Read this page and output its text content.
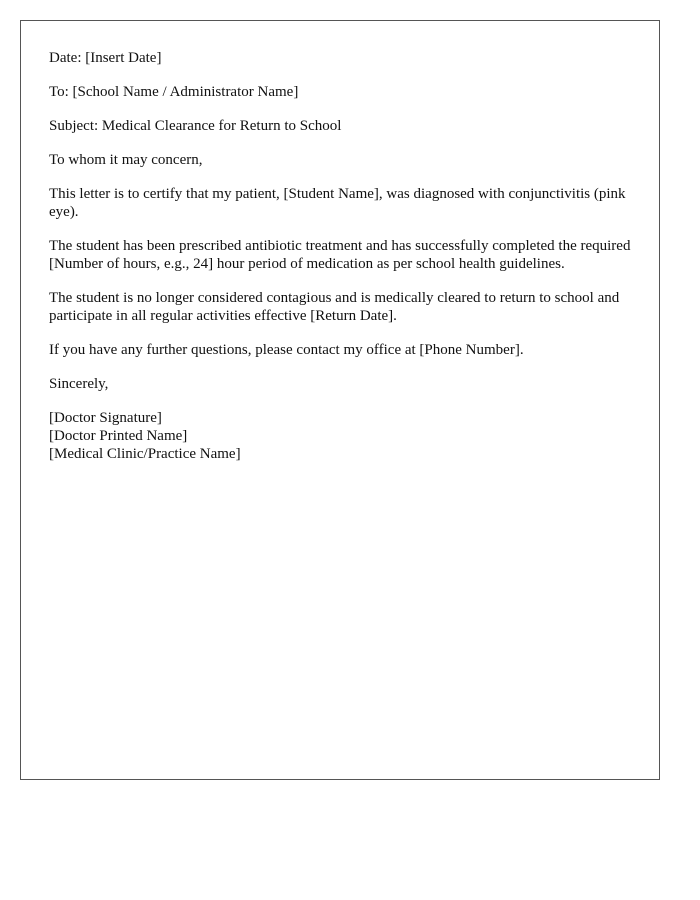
Date: [Insert Date]

To: [School Name / Administrator Name]

Subject: Medical Clearance for Return to School

To whom it may concern,

This letter is to certify that my patient, [Student Name], was diagnosed with conjunctivitis (pink eye).

The student has been prescribed antibiotic treatment and has successfully completed the required [Number of hours, e.g., 24] hour period of medication as per school health guidelines.

The student is no longer considered contagious and is medically cleared to return to school and participate in all regular activities effective [Return Date].

If you have any further questions, please contact my office at [Phone Number].

Sincerely,

[Doctor Signature]
[Doctor Printed Name]
[Medical Clinic/Practice Name]
